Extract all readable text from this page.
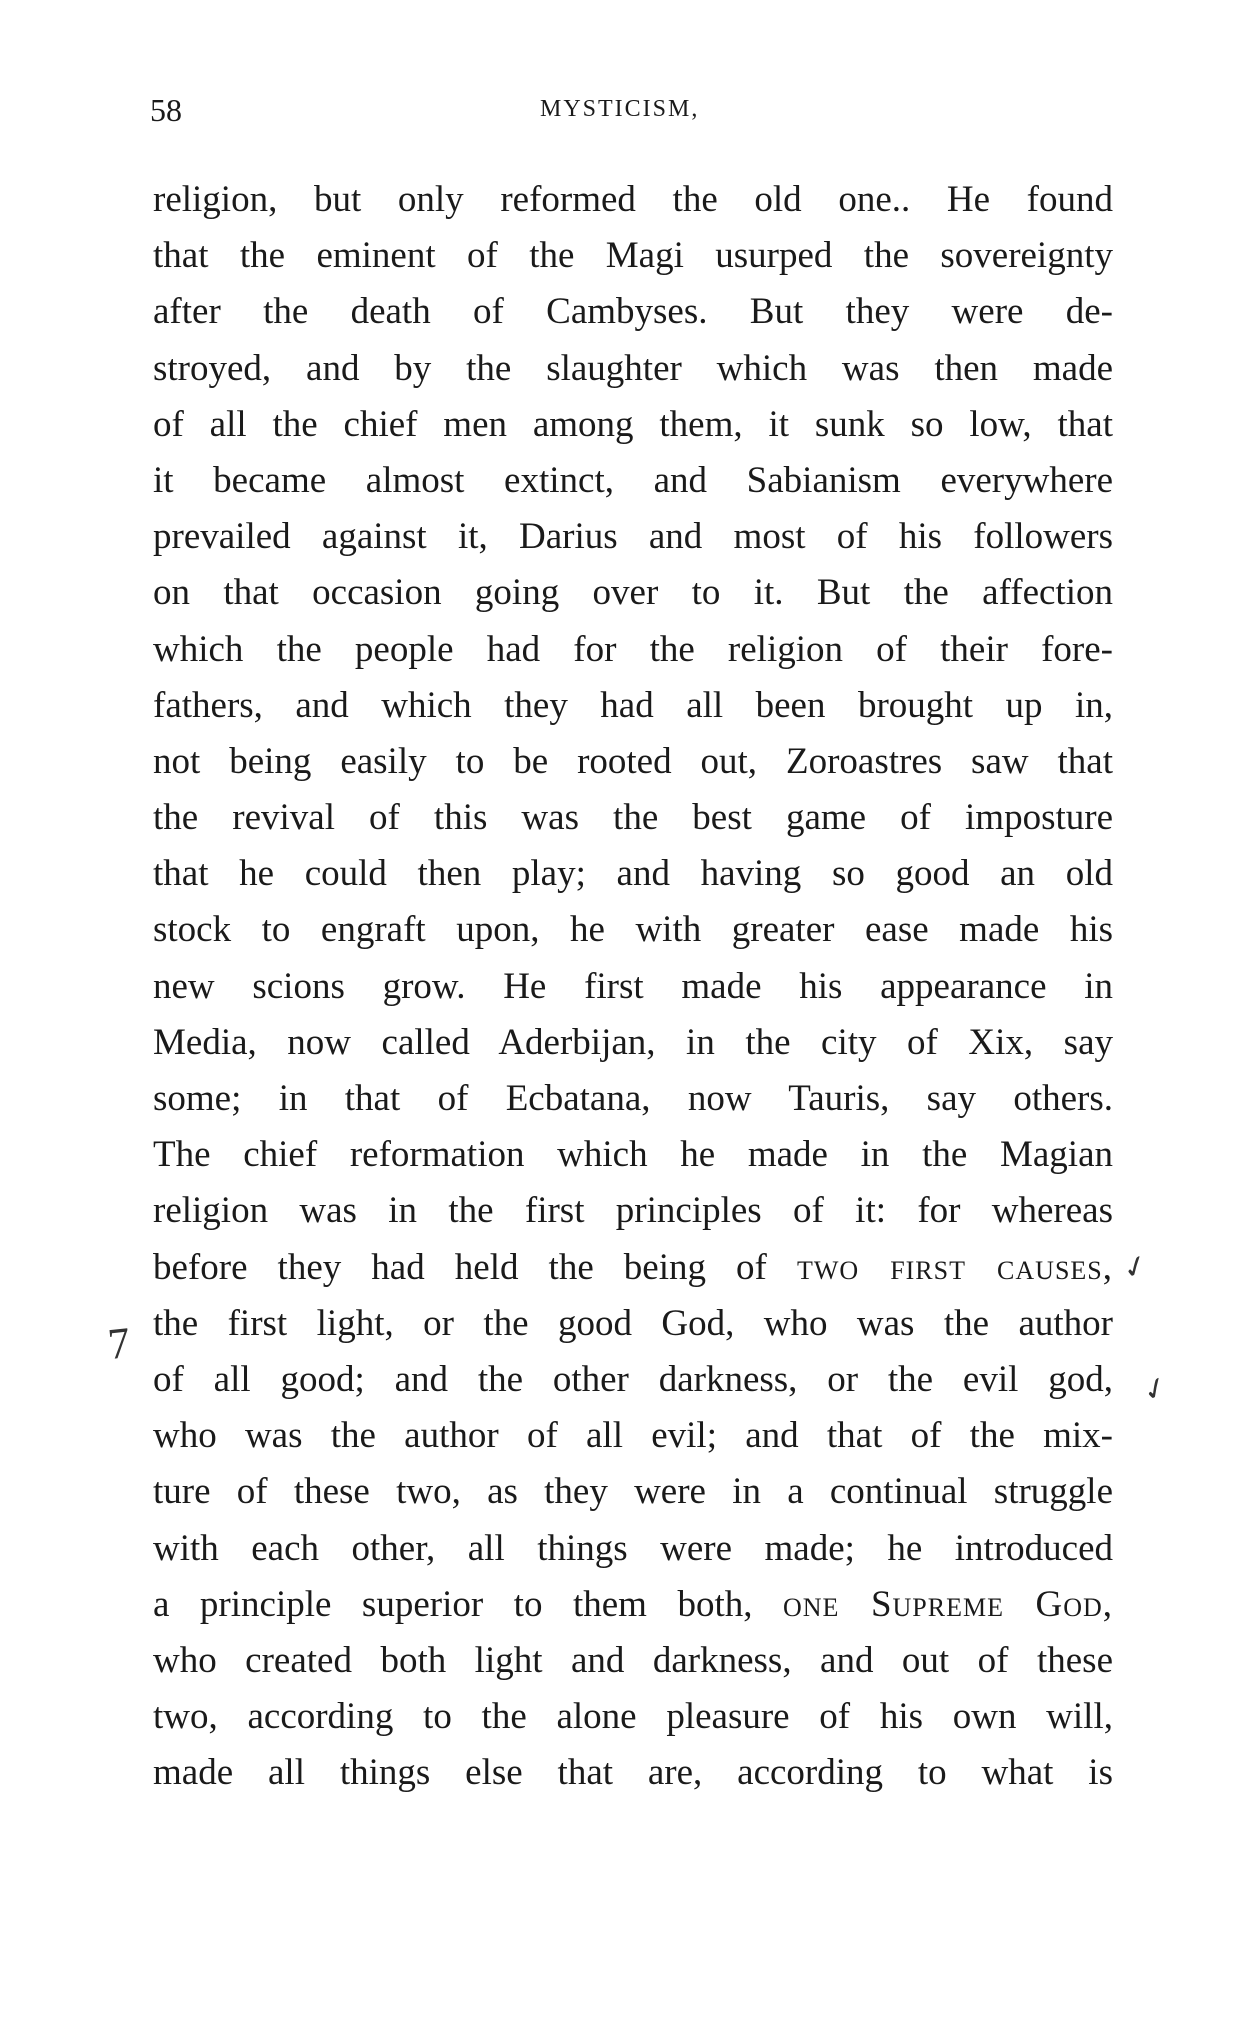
58	MYSTICISM,
religion, but only reformed the old one.. He found
that the eminent of the Magi usurped the sovereignty
after the death of Cambyses. But they were de-
stroyed, and by the slaughter which was then made
of all the chief men among them, it sunk so low, that
it became almost extinct, and Sabianism everywhere
prevailed against it, Darius and most of his followers
on that occasion going over to it. But the affection
which the people had for the religion of their fore-
fathers, and which they had all been brought up in,
not being easily to be rooted out, Zoroastres saw that
the revival of this was the best game of imposture
that he could then play; and having so good an old
stock to engraft upon, he with greater ease made his
new scions grow. He first made his appearance in
Media, now called Aderbijan, in the city of Xix, say
some; in that of Ecbatana, now Tauris, say others.
The chief reformation which he made in the Magian
religion was in the first principles of it: for whereas
before they had held the being of two first causes,
the first light, or the good God, who was the author
of all good; and the other darkness, or the evil god,
who was the author of all evil; and that of the mix-
ture of these two, as they were in a continual struggle
with each other, all things were made; he introduced
a principle superior to them both, one Supreme God,
who created both light and darkness, and out of these
two, according to the alone pleasure of his own will,
made all things else that are, according to what is
7
✓
✓
